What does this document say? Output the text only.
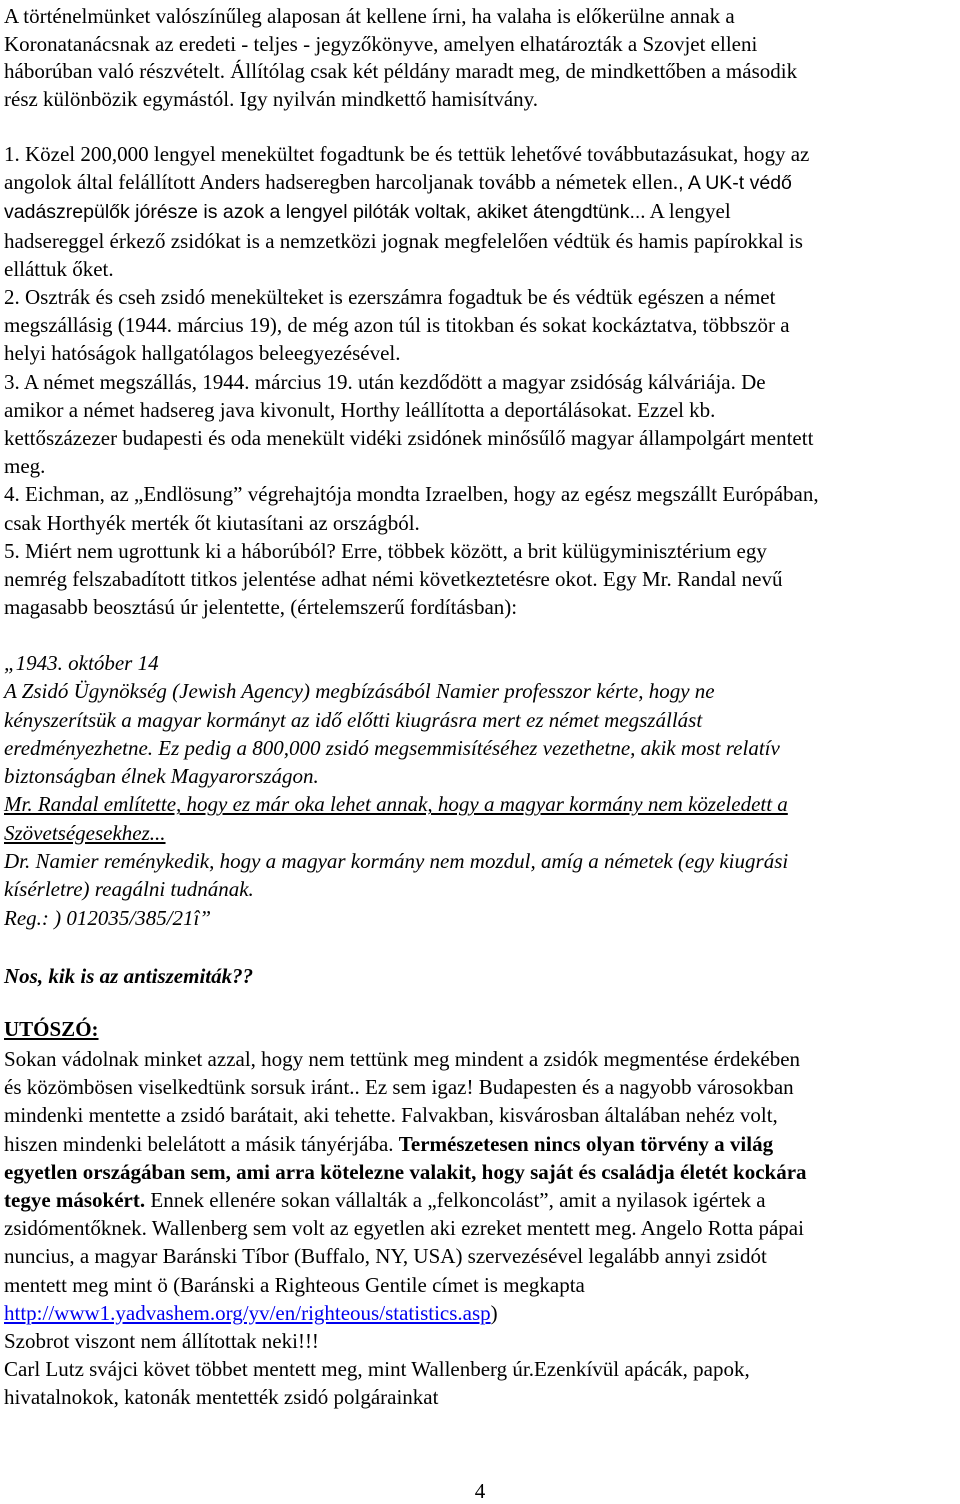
A történelmünket valószínűleg alaposan át kellene írni, ha valaha is előkerülne annak a

Koronatanácsnak az eredeti - teljes - jegyzőkönyve, amelyen elhatározták a Szovjet elleni

háborúban való részvételt. Állítólag csak két példány maradt meg, de mindkettőben a második

rész különbözik egymástól. Igy nyilván mindkettő hamisítvány.

1. Közel 200,000 lengyel menekültet fogadtunk be és tettük lehetővé továbbutazásukat, hogy az

angolok által felállított Anders hadseregben harcoljanak tovább a németek ellen., A UK-t védő

vadászrepülők jórésze is azok a lengyel pilóták voltak, akiket átengdtünk... A lengyel

hadsereggel érkező zsidókat is a nemzetközi jognak megfelelően védtük és hamis papírokkal is

elláttuk őket.

2. Osztrák és cseh zsidó menekülteket is ezerszámra fogadtuk be és védtük egészen a német

megszállásig (1944. március 19), de még azon túl is titokban és sokat kockáztatva, többször a

helyi hatóságok hallgatólagos beleegyezésével.

3. A német megszállás, 1944. március 19. után kezdődött a magyar zsidóság kálváriája. De

amikor a német hadsereg java kivonult, Horthy leállította a deportálásokat. Ezzel kb.

kettőszázezer budapesti és oda menekült vidéki zsidónek minősűlő magyar állampolgárt mentett

meg.

4. Eichman, az „Endlösung” végrehajtója mondta Izraelben, hogy az egész megszállt Európában,

csak Horthyék merték őt kiutasítani az országból.

5. Miért nem ugrottunk ki a háborúból? Erre, többek között, a brit külügyminisztérium egy

nemrég felszabadított titkos jelentése adhat némi következtetésre okot. Egy Mr. Randal nevű

magasabb beosztású úr jelentette, (értelemszerű fordításban):

„1943. október 14

A Zsidó Ügynökség (Jewish Agency) megbízásából Namier professzor kérte, hogy ne

kényszerítsük a magyar kormányt az idő előtti kiugrásra mert ez német megszállást

eredményezhetne. Ez pedig a 800,000 zsidó megsemmisítéséhez vezethetne, akik most relatív

biztonságban élnek Magyarországon.

Mr. Randal említette, hogy ez már oka lehet annak, hogy a magyar kormány nem közeledett a

Szövetségesekhez...

Dr. Namier reménykedik, hogy a magyar kormány nem mozdul, amíg a németek (egy kiugrási

kísérletre) reagálni tudnának.

Reg.: ) 012035/385/21î”

Nos, kik is az antiszemiták??

UTÓSZÓ:

Sokan vádolnak minket azzal, hogy nem tettünk meg mindent a zsidók megmentése érdekében

és közömbösen viselkedtünk sorsuk iránt.. Ez sem igaz! Budapesten és a nagyobb városokban

mindenki mentette a zsidó barátait, aki tehette. Falvakban, kisvárosban általában nehéz volt,

hiszen mindenki belelátott a másik tányérjába. Természetesen nincs olyan törvény a világ

egyetlen országában sem, ami arra kötelezne valakit, hogy saját és családja életét kockára

tegye másokért. Ennek ellenére sokan vállalták a „felkoncolást”, amit a nyilasok igértek a

zsidómentőknek. Wallenberg sem volt az egyetlen aki ezreket mentett meg. Angelo Rotta pápai

nuncius, a magyar Baránski Tíbor (Buffalo, NY, USA) szervezésével legalább annyi zsidót

mentett meg mint ö (Baránski a Righteous Gentile címet is megkapta

http://www1.yadvashem.org/yv/en/righteous/statistics.asp)

Szobrot viszont nem állítottak neki!!!

Carl Lutz svájci követ többet mentett meg, mint Wallenberg úr.Ezenkívül apácák, papok,

hivatalnokok, katonák mentették zsidó polgárainkat

4
